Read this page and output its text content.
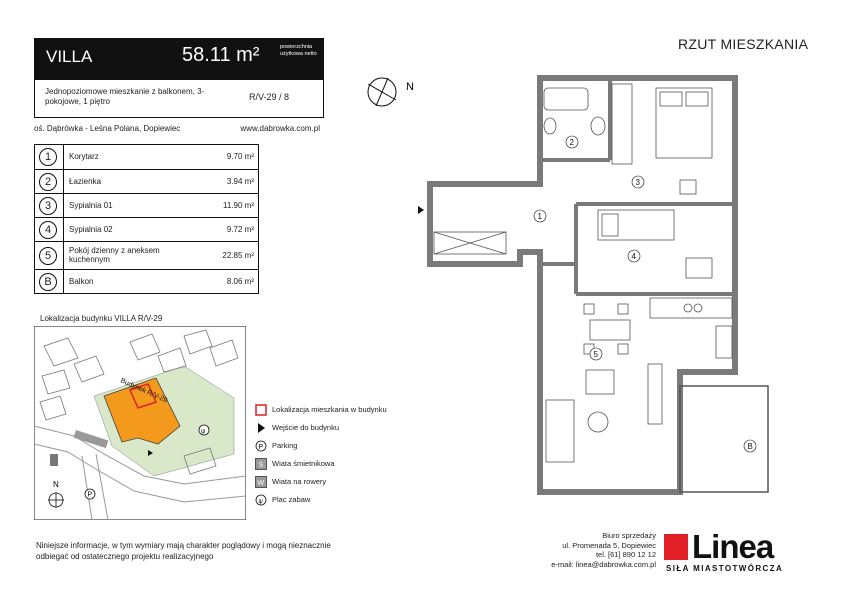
VILLA	58.11 m²	powierzchnia użytkowa netto
Jednopoziomowe mieszkanie z balkonem, 3-pokojowe, 1 piętro	R/V-29 / 8
oś. Dąbrówka - Leśna Polana, Dopiewiec	www.dabrowka.com.pl
1	Korytarz	9.70 m²
2	Łazienka	3.94 m²
3	Sypialnia 01	11.90 m²
4	Sypialnia 02	9.72 m²
5	Pokój dzienny z aneksem kuchennym	22.85 m²
B	Balkon	8.06 m²
Lokalizacja budynku VILLA R/V-29
Budynek R/V-29
ψ
P
N
Lokalizacja mieszkania w budynku
Wejście do budynku
P Parking
Ś Wiata śmietnikowa
W Wiata na rowery
ψ Plac zabaw
RZUT MIESZKANIA
N
1
2
3
4
5
B
Niniejsze informacje, w tym wymiary mają charakter poglądowy i mogą nieznacznie
odbiegać od ostatecznego projektu realizacyjnego
Biuro sprzedaży
ul. Promenada 5, Dopiewiec
tel. [61] 890 12 12
e-mail: linea@dabrowka.com.pl Linea
SIŁA MIASTOTWÓRCZA
